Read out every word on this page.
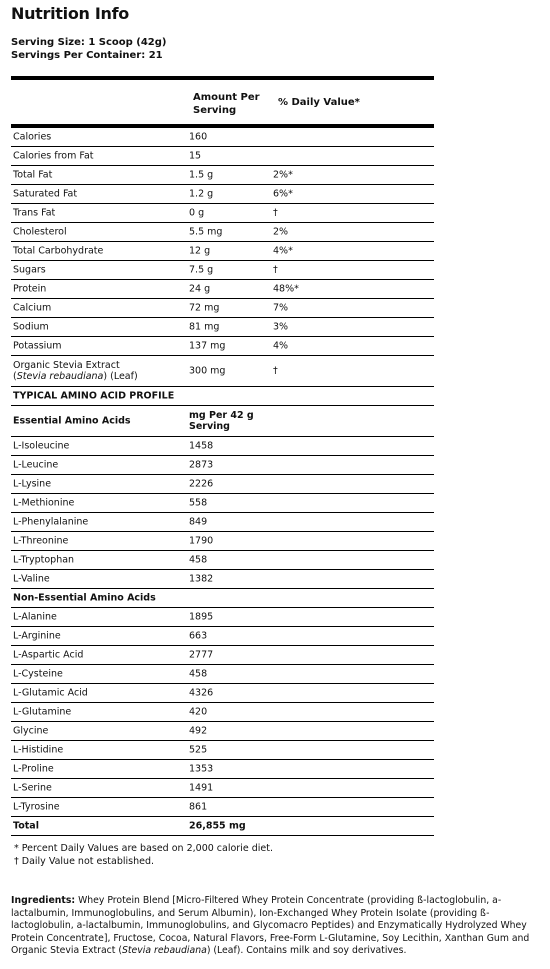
Nutrition Info
Serving Size: 1 Scoop (42g)
Servings Per Container: 21
Amount Per
Serving
% Daily Value*
Calories	160
Calories from Fat	15
Total Fat	1.5 g	2%*
Saturated Fat	1.2 g	6%*
Trans Fat	0 g	†
Cholesterol	5.5 mg	2%
Total Carbohydrate	12 g	4%*
Sugars	7.5 g	†
Protein	24 g	48%*
Calcium	72 mg	7%
Sodium	81 mg	3%
Potassium	137 mg	4%
Organic Stevia Extract (Stevia rebaudiana) (Leaf)	300 mg	†
TYPICAL AMINO ACID PROFILE
Essential Amino Acids	mg Per 42 g
Serving
L-Isoleucine	1458
L-Leucine	2873
L-Lysine	2226
L-Methionine	558
L-Phenylalanine	849
L-Threonine	1790
L-Tryptophan	458
L-Valine	1382
Non-Essential Amino Acids
L-Alanine	1895
L-Arginine	663
L-Aspartic Acid	2777
L-Cysteine	458
L-Glutamic Acid	4326
L-Glutamine	420
Glycine	492
L-Histidine	525
L-Proline	1353
L-Serine	1491
L-Tyrosine	861
Total	26,855 mg
* Percent Daily Values are based on 2,000 calorie diet.
† Daily Value not established.
Ingredients: Whey Protein Blend [Micro-Filtered Whey Protein Concentrate (providing ß-lactoglobulin, a-lactalbumin, Immunoglobulins, and Serum Albumin), Ion-Exchanged Whey Protein Isolate (providing ß-lactoglobulin, a-lactalbumin, Immunoglobulins, and Glycomacro Peptides) and Enzymatically Hydrolyzed Whey Protein Concentrate], Fructose, Cocoa, Natural Flavors, Free-Form L-Glutamine, Soy Lecithin, Xanthan Gum and Organic Stevia Extract (Stevia rebaudiana) (Leaf). Contains milk and soy derivatives.
